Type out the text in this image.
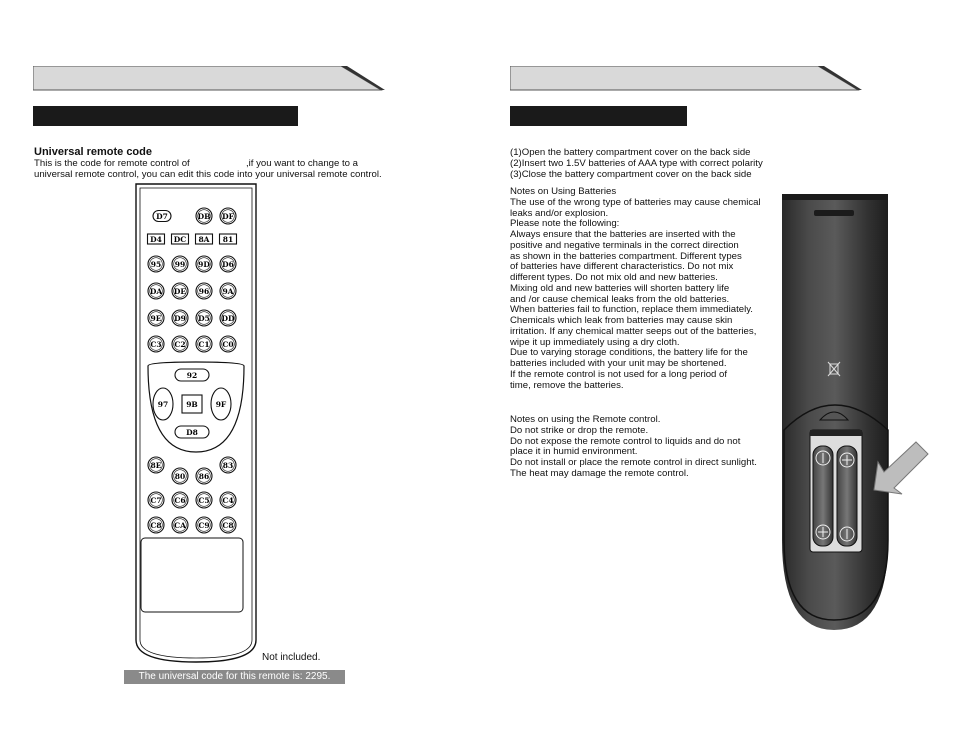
Universal remote code
This is the code for remote control of	,if you want to change to a
universal remote control, you can edit this code into your universal remote control.
D7	DB DF
D4 DC 8A 81
95 99 9D D6
DA DE 96 9A
9E D9 D5 DD
C3 C2 C1 C0
92
D8
97	9F
9B
8E	83
80 86
C7 C6 C5 C4
C8 CA C9 C8
Not included.
The universal code for this remote is: 2295.
(1)Open the battery compartment cover on the back side
(2)Insert two 1.5V batteries of AAA type with correct polarity
(3)Close the battery compartment cover on the back side
Notes on Using Batteries
The use of the wrong type of batteries may cause chemical
leaks and/or explosion.
Please note the following:
Always ensure that the batteries are inserted with the
positive and negative terminals in the correct direction
as shown in the batteries compartment. Different types
of batteries have different characteristics. Do not mix
different types. Do not mix old and new batteries.
Mixing old and new batteries will shorten battery life
and /or cause chemical leaks from the old batteries.
When batteries fail to function, replace them immediately.
Chemicals which leak from batteries may cause skin
irritation. If any chemical matter seeps out of the batteries,
wipe it up immediately using a dry cloth.
Due to varying storage conditions, the battery life for the
batteries included with your unit may be shortened.
If the remote control is not used for a long period of
time, remove the batteries.
Notes on using the Remote control.
Do not strike or drop the remote.
Do not expose the remote control to liquids and do not
place it in humid environment.
Do not install or place the remote control in direct sunlight.
The heat may damage the remote control.
